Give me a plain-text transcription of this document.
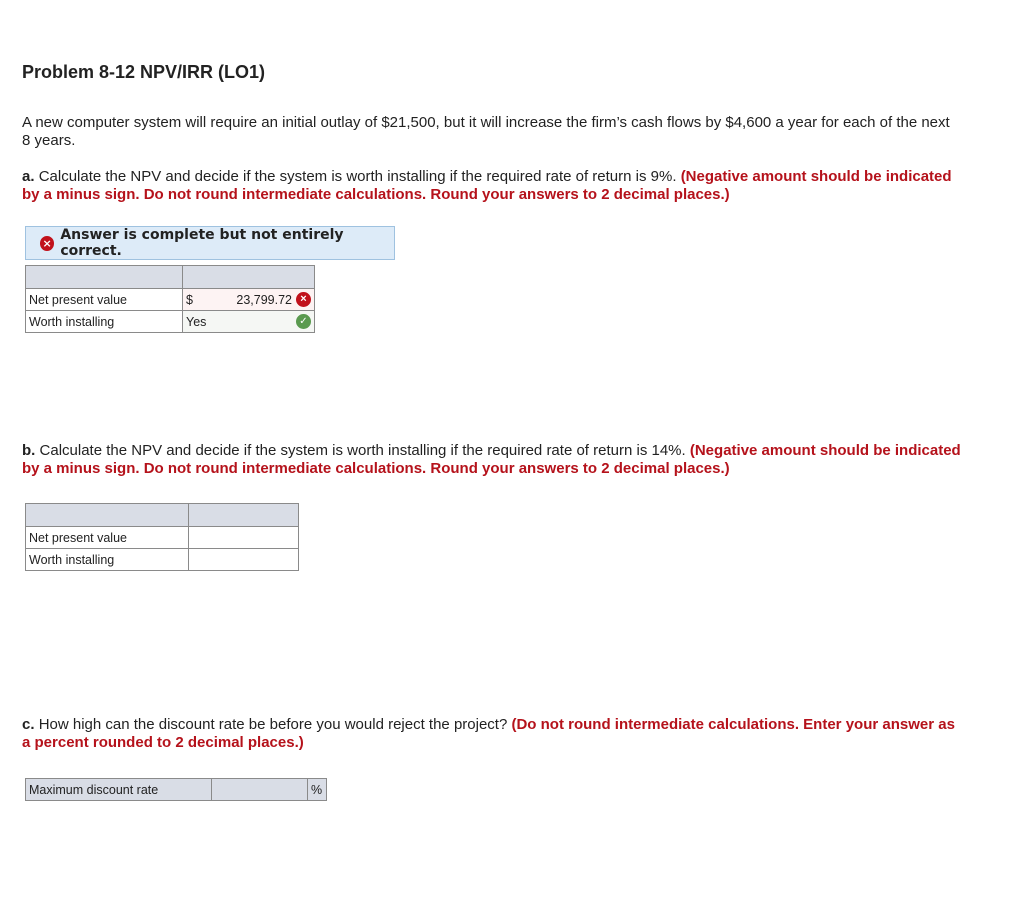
Problem 8-12 NPV/IRR (LO1)

A new computer system will require an initial outlay of $21,500, but it will increase the firm’s cash flows by $4,600 a year for each of the next 8 years.

a. Calculate the NPV and decide if the system is worth installing if the required rate of return is 9%. (Negative amount should be indicated by a minus sign. Do not round intermediate calculations. Round your answers to 2 decimal places.)

× Answer is complete but not entirely correct.

Net present value	$ 23,799.72 ×

Worth installing	Yes ✓

b. Calculate the NPV and decide if the system is worth installing if the required rate of return is 14%. (Negative amount should be indicated by a minus sign. Do not round intermediate calculations. Round your answers to 2 decimal places.)

Net present value	
Worth installing	

c. How high can the discount rate be before you would reject the project? (Do not round intermediate calculations. Enter your answer as a percent rounded to 2 decimal places.)

Maximum discount rate		%
